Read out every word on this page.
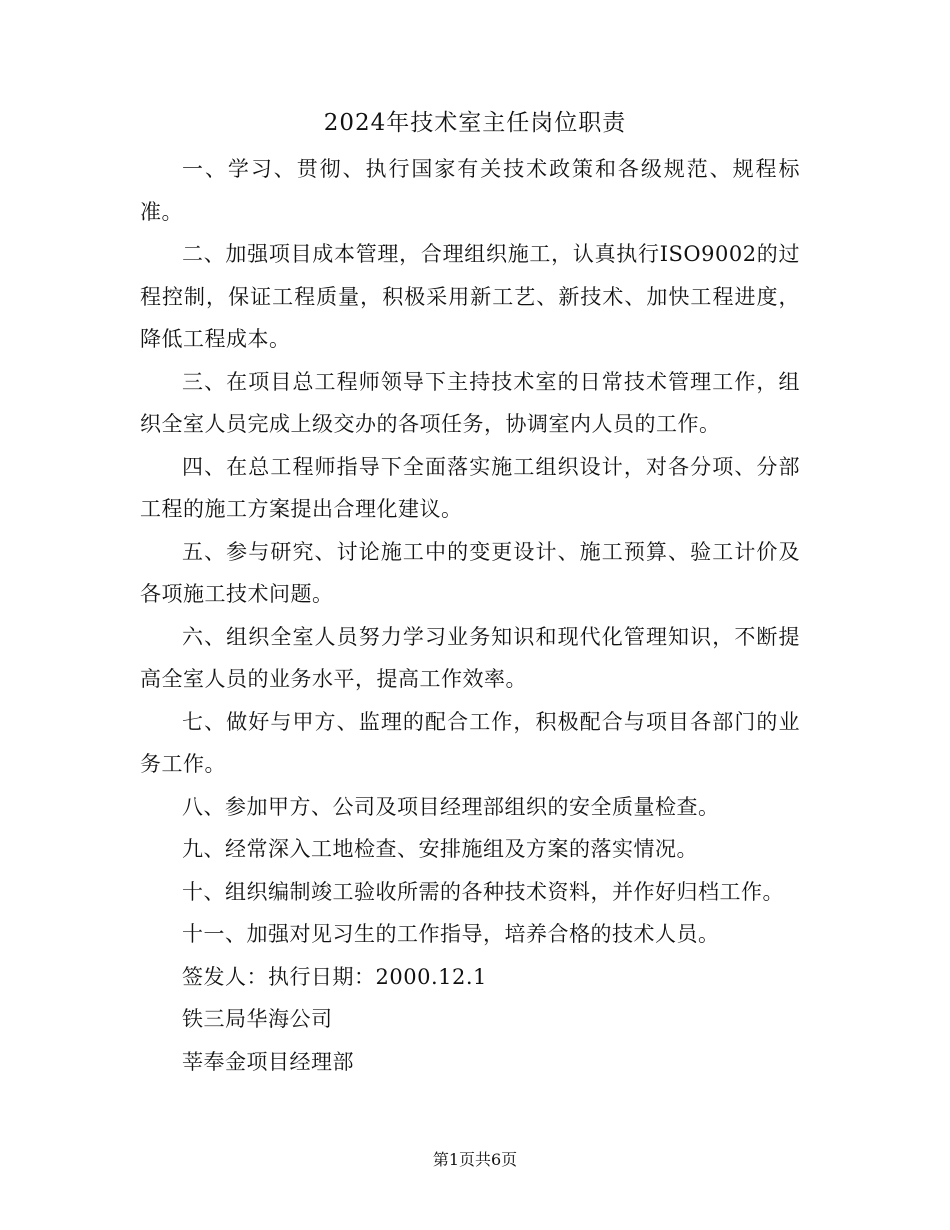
2024年技术室主任岗位职责

一、学习、贯彻、执行国家有关技术政策和各级规范、规程标准。

二、加强项目成本管理，合理组织施工，认真执行ISO9002的过程控制，保证工程质量，积极采用新工艺、新技术、加快工程进度，降低工程成本。

三、在项目总工程师领导下主持技术室的日常技术管理工作，组织全室人员完成上级交办的各项任务，协调室内人员的工作。

四、在总工程师指导下全面落实施工组织设计，对各分项、分部工程的施工方案提出合理化建议。

五、参与研究、讨论施工中的变更设计、施工预算、验工计价及各项施工技术问题。

六、组织全室人员努力学习业务知识和现代化管理知识，不断提高全室人员的业务水平，提高工作效率。

七、做好与甲方、监理的配合工作，积极配合与项目各部门的业务工作。

八、参加甲方、公司及项目经理部组织的安全质量检查。

九、经常深入工地检查、安排施组及方案的落实情况。

十、组织编制竣工验收所需的各种技术资料，并作好归档工作。

十一、加强对见习生的工作指导，培养合格的技术人员。

签发人：执行日期：2000.12.1

铁三局华海公司

莘奉金项目经理部

第1页共6页
